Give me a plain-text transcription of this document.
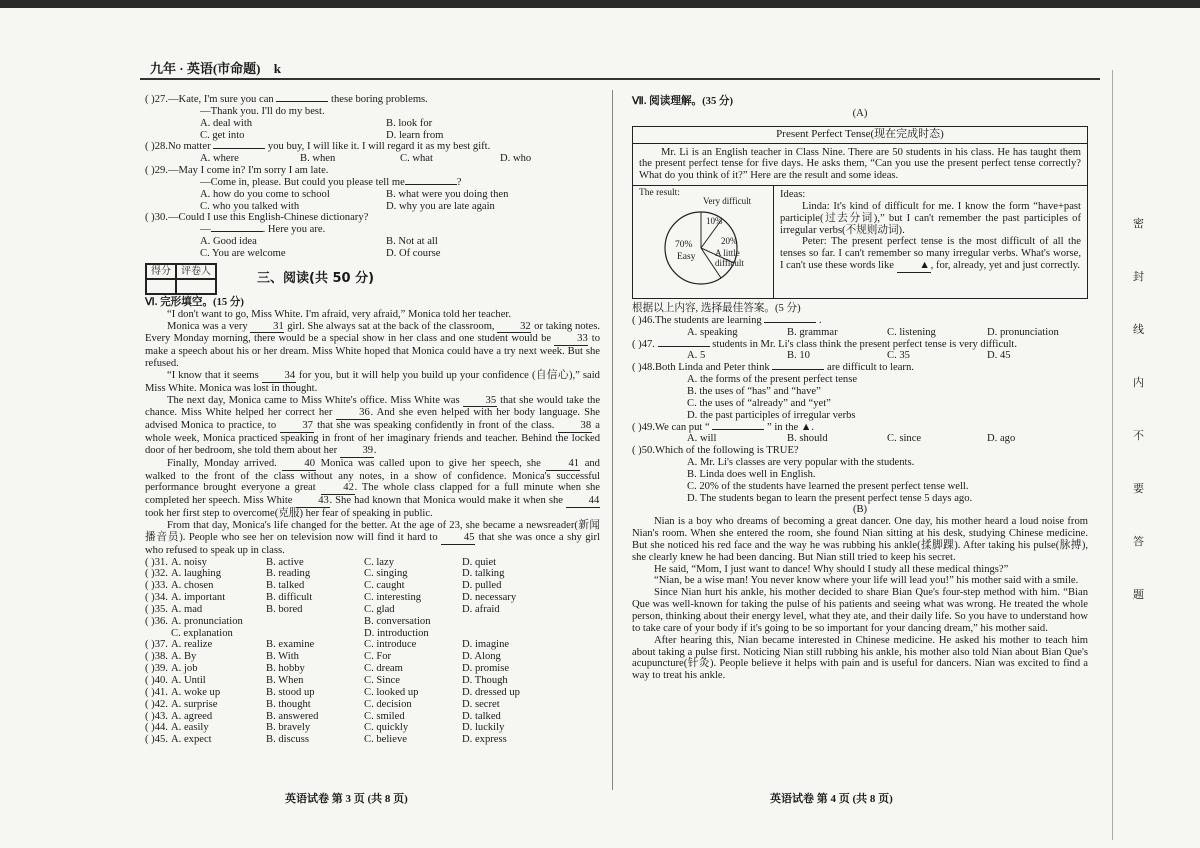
九年 · 英语(市命题) k
( )27.—Kate, I'm sure you can	these boring problems.
—Thank you. I'll do my best.
A. deal with	B. look for
C. get into	D. learn from
( )28.No matter	you buy, I will like it. I will regard it as my best gift.
A. where	B. when	C. what	D. who
( )29.—May I come in? I'm sorry I am late.
—Come in, please. But could you please tell me	?
A. how do you come to school	B. what were you doing then
C. who you talked with	D. why you are late again
( )30.—Could I use this English-Chinese dictionary?
—	. Here you are.
A. Good idea	B. Not at all
C. You are welcome	D. Of course
得分	评卷人	三、阅读(共 50 分)
Ⅵ. 完形填空。(15 分)
“I don't want to go, Miss White. I'm afraid, very afraid,” Monica told her teacher.
Monica was a very 31 girl. She always sat at the back of the classroom, 32 or taking notes. Every Monday morning, there would be a special show in her class and one student would be 33 to make a speech about his or her dream. Miss White hoped that Monica could have a try next week. But she refused.
“I know that it seems 34 for you, but it will help you build up your confidence (自信心),” said Miss White. Monica was lost in thought.
The next day, Monica came to Miss White's office. Miss White was 35 that she would take the chance. Miss White helped her correct her	36. And she even helped with her body language. She advised Monica to practice, to 37 that she was speaking confidently in front of the class. 38 a whole week, Monica practiced speaking in front of her imaginary friends and teacher. Behind the locked door of her bedroom, she told them about her 39.
Finally, Monday arrived.	40 Monica was called upon to give her speech, she	41 and walked to the front of the class without any notes, in a show of confidence. Monica's successful performance brought everyone a great	42. The whole class clapped for a full minute when she completed her speech. Miss White 43. She had known that Monica would make it when she 44 took her first step to overcome(克服) her fear of speaking in public.
From that day, Monica's life changed for the better. At the age of 23, she became a newsreader(新闻播音员). People who see her on television now will find it hard to 45 that she was once a shy girl who refused to speak up in class.
( )31. A. noisy	B. active	C. lazy	D. quiet
( )32. A. laughing	B. reading	C. singing	D. talking
( )33. A. chosen	B. talked	C. caught	D. pulled
( )34. A. important	B. difficult	C. interesting	D. necessary
( )35. A. mad	B. bored	C. glad	D. afraid
( )36. A. pronunciation	B. conversation
C. explanation	D. introduction
( )37. A. realize	B. examine	C. introduce	D. imagine
( )38. A. By	B. With	C. For	D. Along
( )39. A. job	B. hobby	C. dream	D. promise
( )40. A. Until	B. When	C. Since	D. Though
( )41. A. woke up	B. stood up	C. looked up	D. dressed up
( )42. A. surprise	B. thought	C. decision	D. secret
( )43. A. agreed	B. answered	C. smiled	D. talked
( )44. A. easily	B. bravely	C. quickly	D. luckily
( )45. A. expect	B. discuss	C. believe	D. express
Ⅶ. 阅读理解。(35 分)
(A)
Present Perfect Tense(现在完成时态)
Mr. Li is an English teacher in Class Nine. There are 50 students in his class. He has taught them the present perfect tense for five days. He asks them, “Can you use the present perfect tense correctly? What do you think of it?” Here are the result and some ideas.
The result:
Very difficult
10%
20%
A little
difficult
70%
Easy
Ideas:
Linda: It's kind of difficult for me. I know the form “have+past participle(过去分词),” but I can't remember the past participles of irregular verbs(不规则动词).
Peter: The present perfect tense is the most difficult of all the tenses so far. I can't remember so many irregular verbs. What's worse, I can't use these words like ▲, for, already, yet and just correctly.
根据以上内容, 选择最佳答案。(5 分)
( )46.The students are learning	.
A. speaking	B. grammar	C. listening	D. pronunciation
( )47.	students in Mr. Li's class think the present perfect tense is very difficult.
A. 5	B. 10	C. 35	D. 45
( )48.Both Linda and Peter think	are difficult to learn.
A. the forms of the present perfect tense
B. the uses of “has” and “have”
C. the uses of “already” and “yet”
D. the past participles of irregular verbs
( )49.We can put “	” in the ▲.
A. will	B. should	C. since	D. ago
( )50.Which of the following is TRUE?
A. Mr. Li's classes are very popular with the students.
B. Linda does well in English.
C. 20% of the students have learned the present perfect tense well.
D. The students began to learn the present perfect tense 5 days ago.
(B)
Nian is a boy who dreams of becoming a great dancer. One day, his mother heard a loud noise from Nian's room. When she entered the room, she found Nian sitting at his desk, studying Chinese medicine. But she noticed his red face and the way he was rubbing his ankle(揉脚踝). After taking his pulse(脉搏), she clearly knew he had been dancing. But Nian still tried to keep his secret.
He said, “Mom, I just want to dance! Why should I study all these medical things?”
“Nian, be a wise man! You never know where your life will lead you!” his mother said with a smile.
Since Nian hurt his ankle, his mother decided to share Bian Que's four-step method with him. “Bian Que was well-known for taking the pulse of his patients and seeing what was wrong. He treated the whole person, thinking about their energy level, what they ate, and their daily life. So you have to understand how to take care of your body if it's going to be so important for your dancing dream,” his mother said.
After hearing this, Nian became interested in Chinese medicine. He asked his mother to teach him about taking a pulse first. Noticing Nian still rubbing his ankle, his mother also told Nian about Bian Que's acupuncture(针灸). People believe it helps with pain and is useful for dancers. Nian was excited to find a way to treat his ankle.
英语试卷 第 3 页 (共 8 页)	英语试卷 第 4 页 (共 8 页)
密
封
线
内
不
要
答
题
